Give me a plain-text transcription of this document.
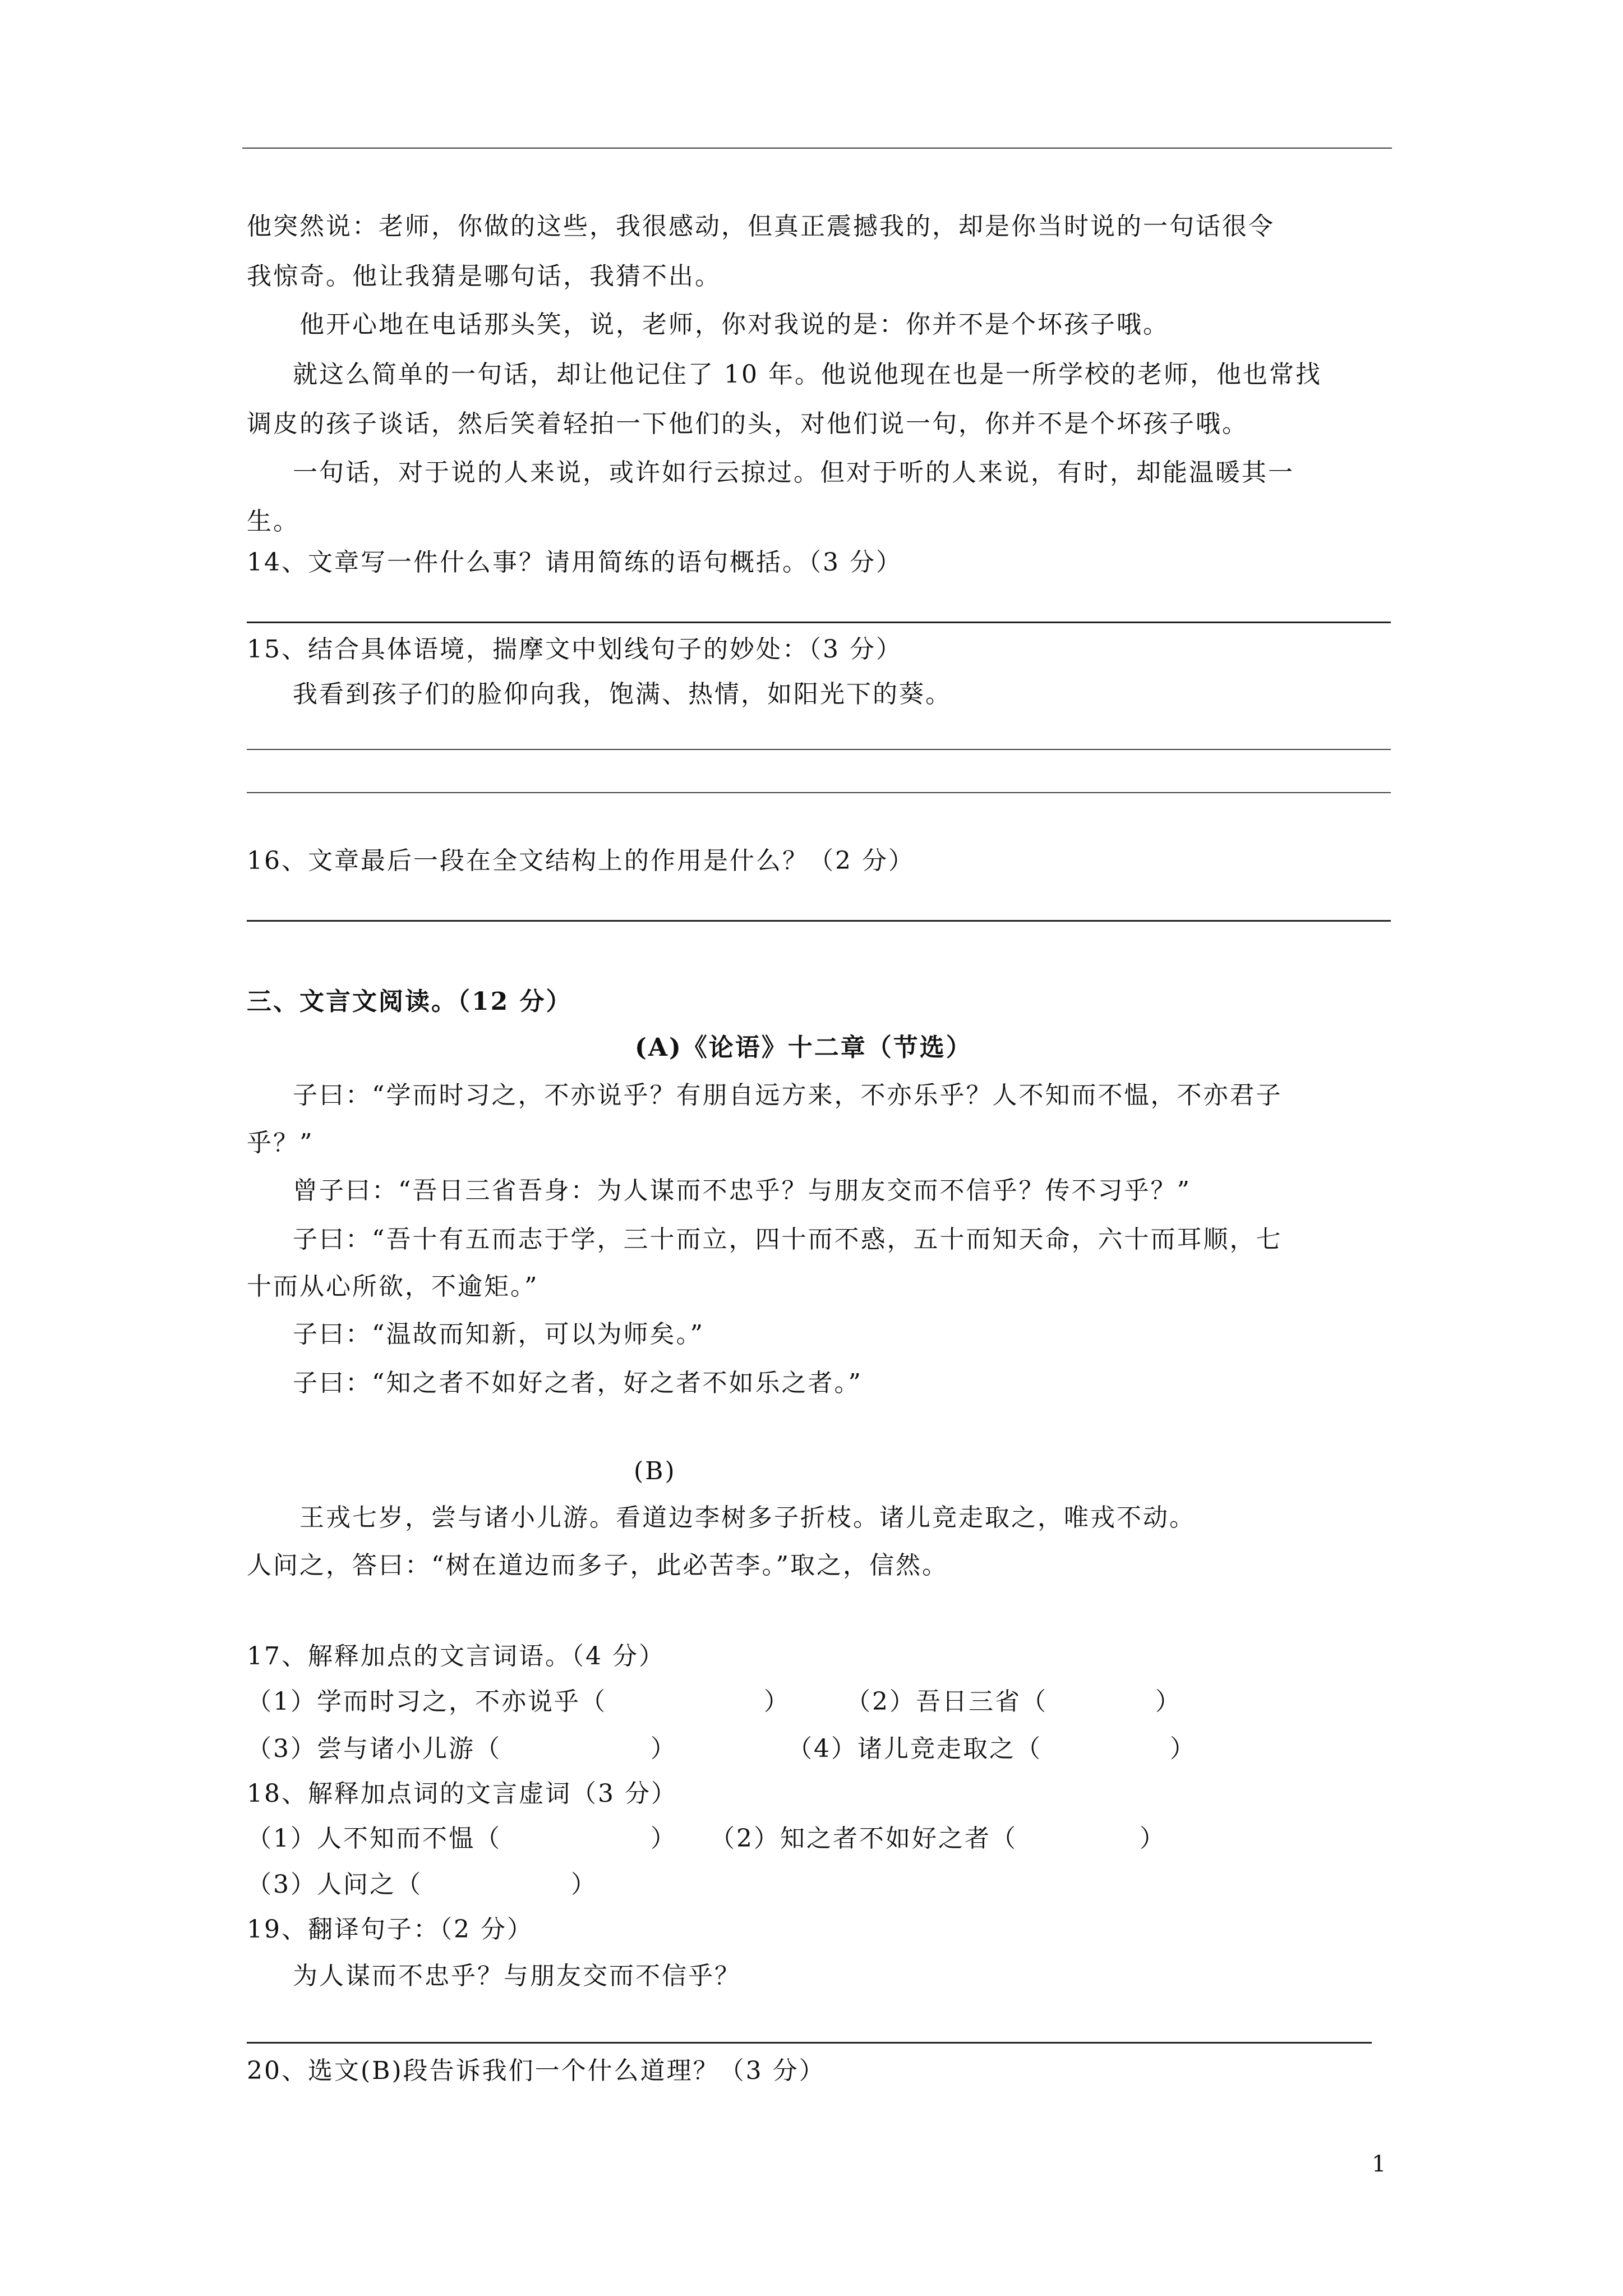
他突然说：老师，你做的这些，我很感动，但真正震撼我的，却是你当时说的一句话很令
我惊奇。他让我猜是哪句话，我猜不出。
他开心地在电话那头笑，说，老师，你对我说的是：你并不是个坏孩子哦。
就这么简单的一句话，却让他记住了 10 年。他说他现在也是一所学校的老师，他也常找
调皮的孩子谈话，然后笑着轻拍一下他们的头，对他们说一句，你并不是个坏孩子哦。
一句话，对于说的人来说，或许如行云掠过。但对于听的人来说，有时，却能温暖其一
生。
14、文章写一件什么事？请用简练的语句概括。（3 分）
15、结合具体语境，揣摩文中划线句子的妙处：（3 分）
我看到孩子们的脸仰向我，饱满、热情，如阳光下的葵。
16、文章最后一段在全文结构上的作用是什么？（2 分）
三、文言文阅读。（12 分）
(A)《论语》十二章（节选）
子曰：“学而时习之，不亦说乎？有朋自远方来，不亦乐乎？人不知而不愠，不亦君子
乎？”
曾子曰：“吾日三省吾身：为人谋而不忠乎？与朋友交而不信乎？传不习乎？”
子曰：“吾十有五而志于学，三十而立，四十而不惑，五十而知天命，六十而耳顺，七
十而从心所欲，不逾矩。”
子曰：“温故而知新，可以为师矣。”
子曰：“知之者不如好之者，好之者不如乐之者。”
(B)
王戎七岁，尝与诸小儿游。看道边李树多子折枝。诸儿竞走取之，唯戎不动。
人问之，答曰：“树在道边而多子，此必苦李。”取之，信然。
17、解释加点的文言词语。（4 分）
（1）学而时习之，不亦说乎（	） （2）吾日三省（	）
（3）尝与诸小儿游（	）	（4）诸儿竞走取之（	）
18、解释加点词的文言虚词（3 分）
（1）人不知而不愠（	） （2）知之者不如好之者（	）
（3）人问之（	）
19、翻译句子：（2 分）
为人谋而不忠乎？与朋友交而不信乎？
20、选文(B)段告诉我们一个什么道理？（3 分）
1
